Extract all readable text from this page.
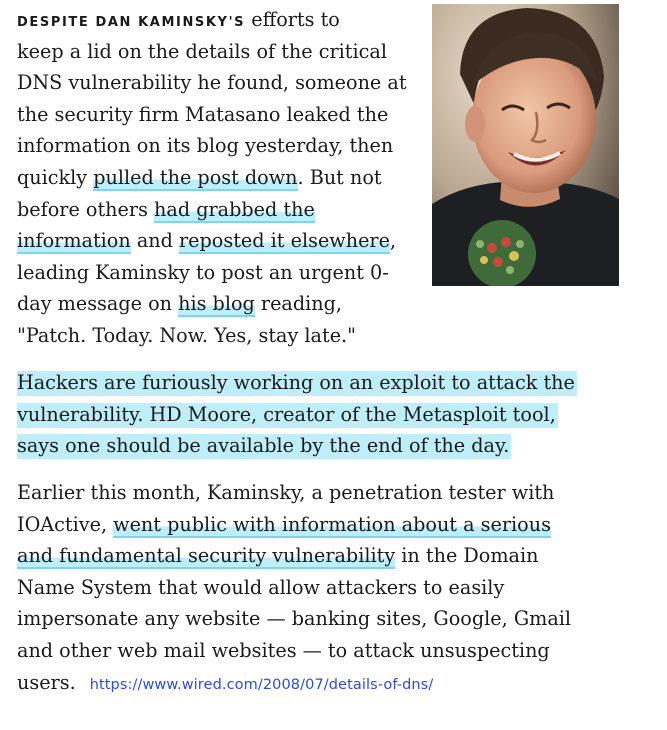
DESPITE DAN KAMINSKY'S efforts to
keep a lid on the details of the critical
DNS vulnerability he found, someone at
the security firm Matasano leaked the
information on its blog yesterday, then
quickly pulled the post down. But not
before others had grabbed the
information and reposted it elsewhere,
leading Kaminsky to post an urgent 0-
day message on his blog reading,
"Patch. Today. Now. Yes, stay late."
Hackers are furiously working on an exploit to attack the
vulnerability. HD Moore, creator of the Metasploit tool,
says one should be available by the end of the day.
Earlier this month, Kaminsky, a penetration tester with
IOActive, went public with information about a serious
and fundamental security vulnerability in the Domain
Name System that would allow attackers to easily
impersonate any website — banking sites, Google, Gmail
and other web mail websites — to attack unsuspecting
users. https://www.wired.com/2008/07/details-of-dns/
